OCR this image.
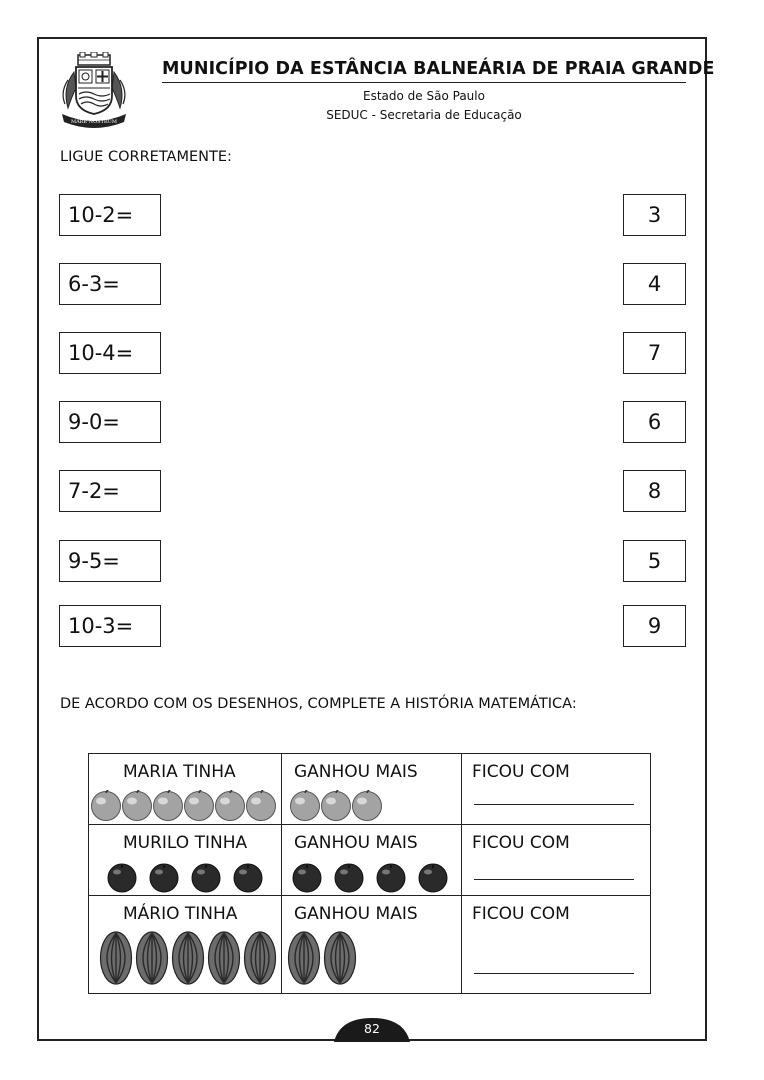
MARE NOSTRUM
MUNICÍPIO DA ESTÂNCIA BALNEÁRIA DE PRAIA GRANDE
Estado de São Paulo
SEDUC - Secretaria de Educação
LIGUE CORRETAMENTE:
10-2=
6-3=
10-4=
9-0=
7-2=
9-5=
10-3=
3
4
7
6
8
5
9
DE ACORDO COM OS DESENHOS, COMPLETE A HISTÓRIA MATEMÁTICA:
MARIA TINHA	GANHOU MAIS	FICOU COM

MURILO TINHA	GANHOU MAIS	FICOU COM

MÁRIO TINHA	GANHOU MAIS	FICOU COM
82
